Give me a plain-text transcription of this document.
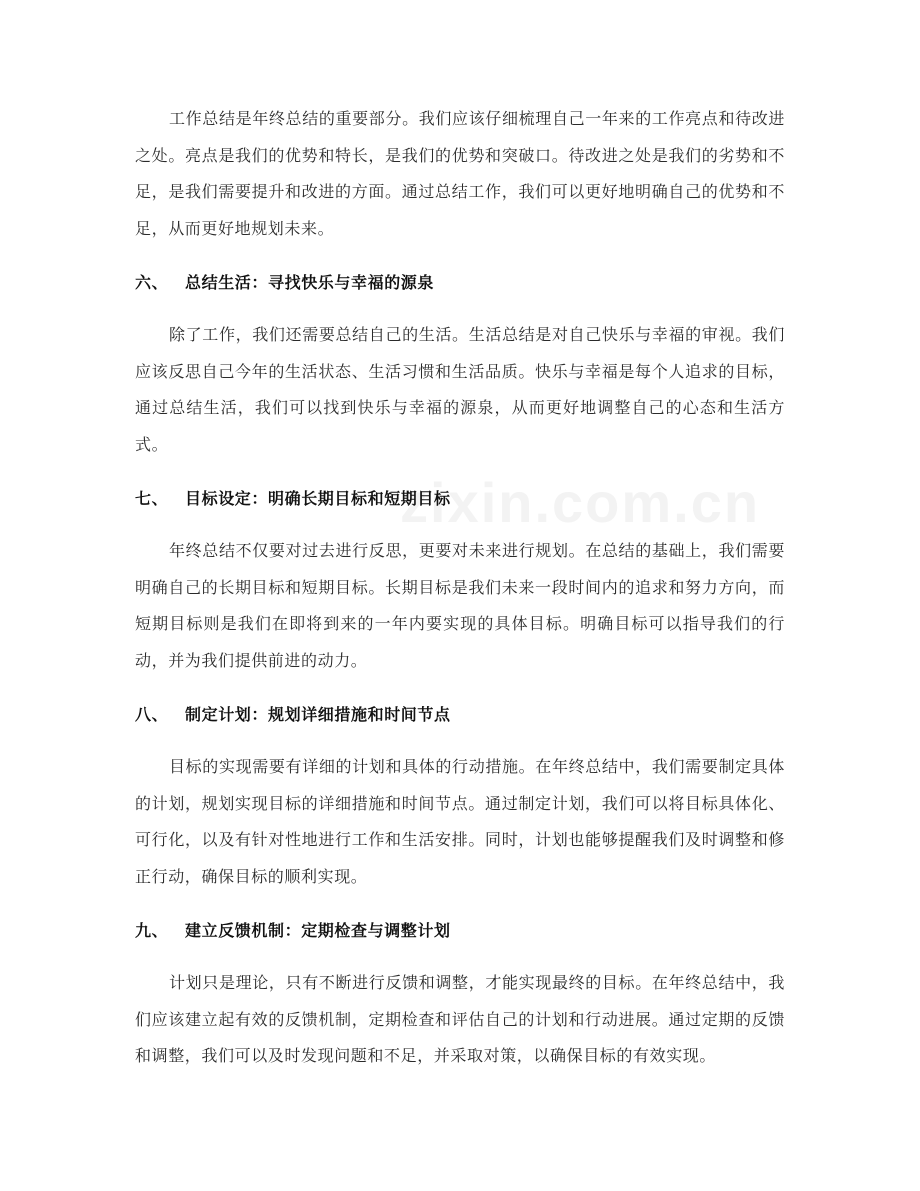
zixin.com.cn

工作总结是年终总结的重要部分。我们应该仔细梳理自己一年来的工作亮点和待改进之处。亮点是我们的优势和特长，是我们的优势和突破口。待改进之处是我们的劣势和不足，是我们需要提升和改进的方面。通过总结工作，我们可以更好地明确自己的优势和不足，从而更好地规划未来。

六、	总结生活：寻找快乐与幸福的源泉

除了工作，我们还需要总结自己的生活。生活总结是对自己快乐与幸福的审视。我们应该反思自己今年的生活状态、生活习惯和生活品质。快乐与幸福是每个人追求的目标，通过总结生活，我们可以找到快乐与幸福的源泉，从而更好地调整自己的心态和生活方式。

七、	目标设定：明确长期目标和短期目标

年终总结不仅要对过去进行反思，更要对未来进行规划。在总结的基础上，我们需要明确自己的长期目标和短期目标。长期目标是我们未来一段时间内的追求和努力方向，而短期目标则是我们在即将到来的一年内要实现的具体目标。明确目标可以指导我们的行动，并为我们提供前进的动力。

八、	制定计划：规划详细措施和时间节点

目标的实现需要有详细的计划和具体的行动措施。在年终总结中，我们需要制定具体的计划，规划实现目标的详细措施和时间节点。通过制定计划，我们可以将目标具体化、可行化，以及有针对性地进行工作和生活安排。同时，计划也能够提醒我们及时调整和修正行动，确保目标的顺利实现。

九、	建立反馈机制：定期检查与调整计划

计划只是理论，只有不断进行反馈和调整，才能实现最终的目标。在年终总结中，我们应该建立起有效的反馈机制，定期检查和评估自己的计划和行动进展。通过定期的反馈和调整，我们可以及时发现问题和不足，并采取对策，以确保目标的有效实现。
